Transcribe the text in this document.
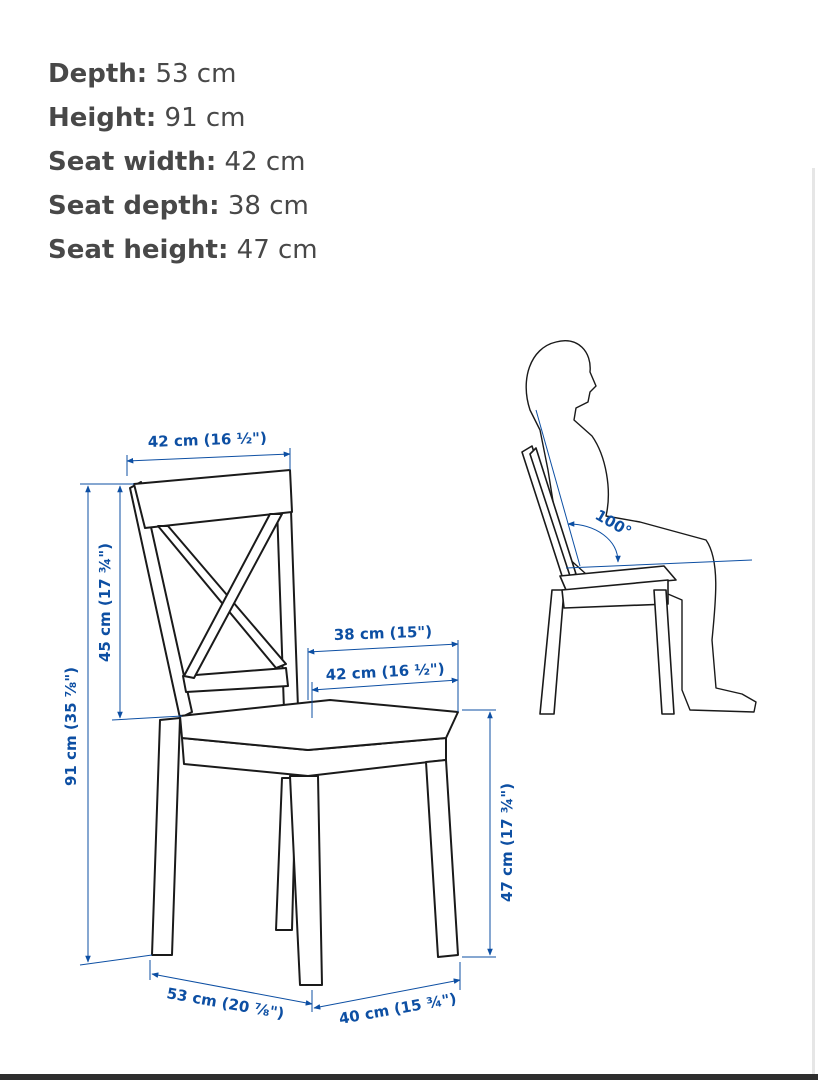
Depth: 53 cm
Height: 91 cm
Seat width: 42 cm
Seat depth: 38 cm
Seat height: 47 cm
100°
42 cm (16 ½")
45 cm (17 ¾")
91 cm (35 ⅞")
38 cm (15")
42 cm (16 ½")
47 cm (17 ¾")
53 cm (20 ⅞")	40 cm (15 ¾")
